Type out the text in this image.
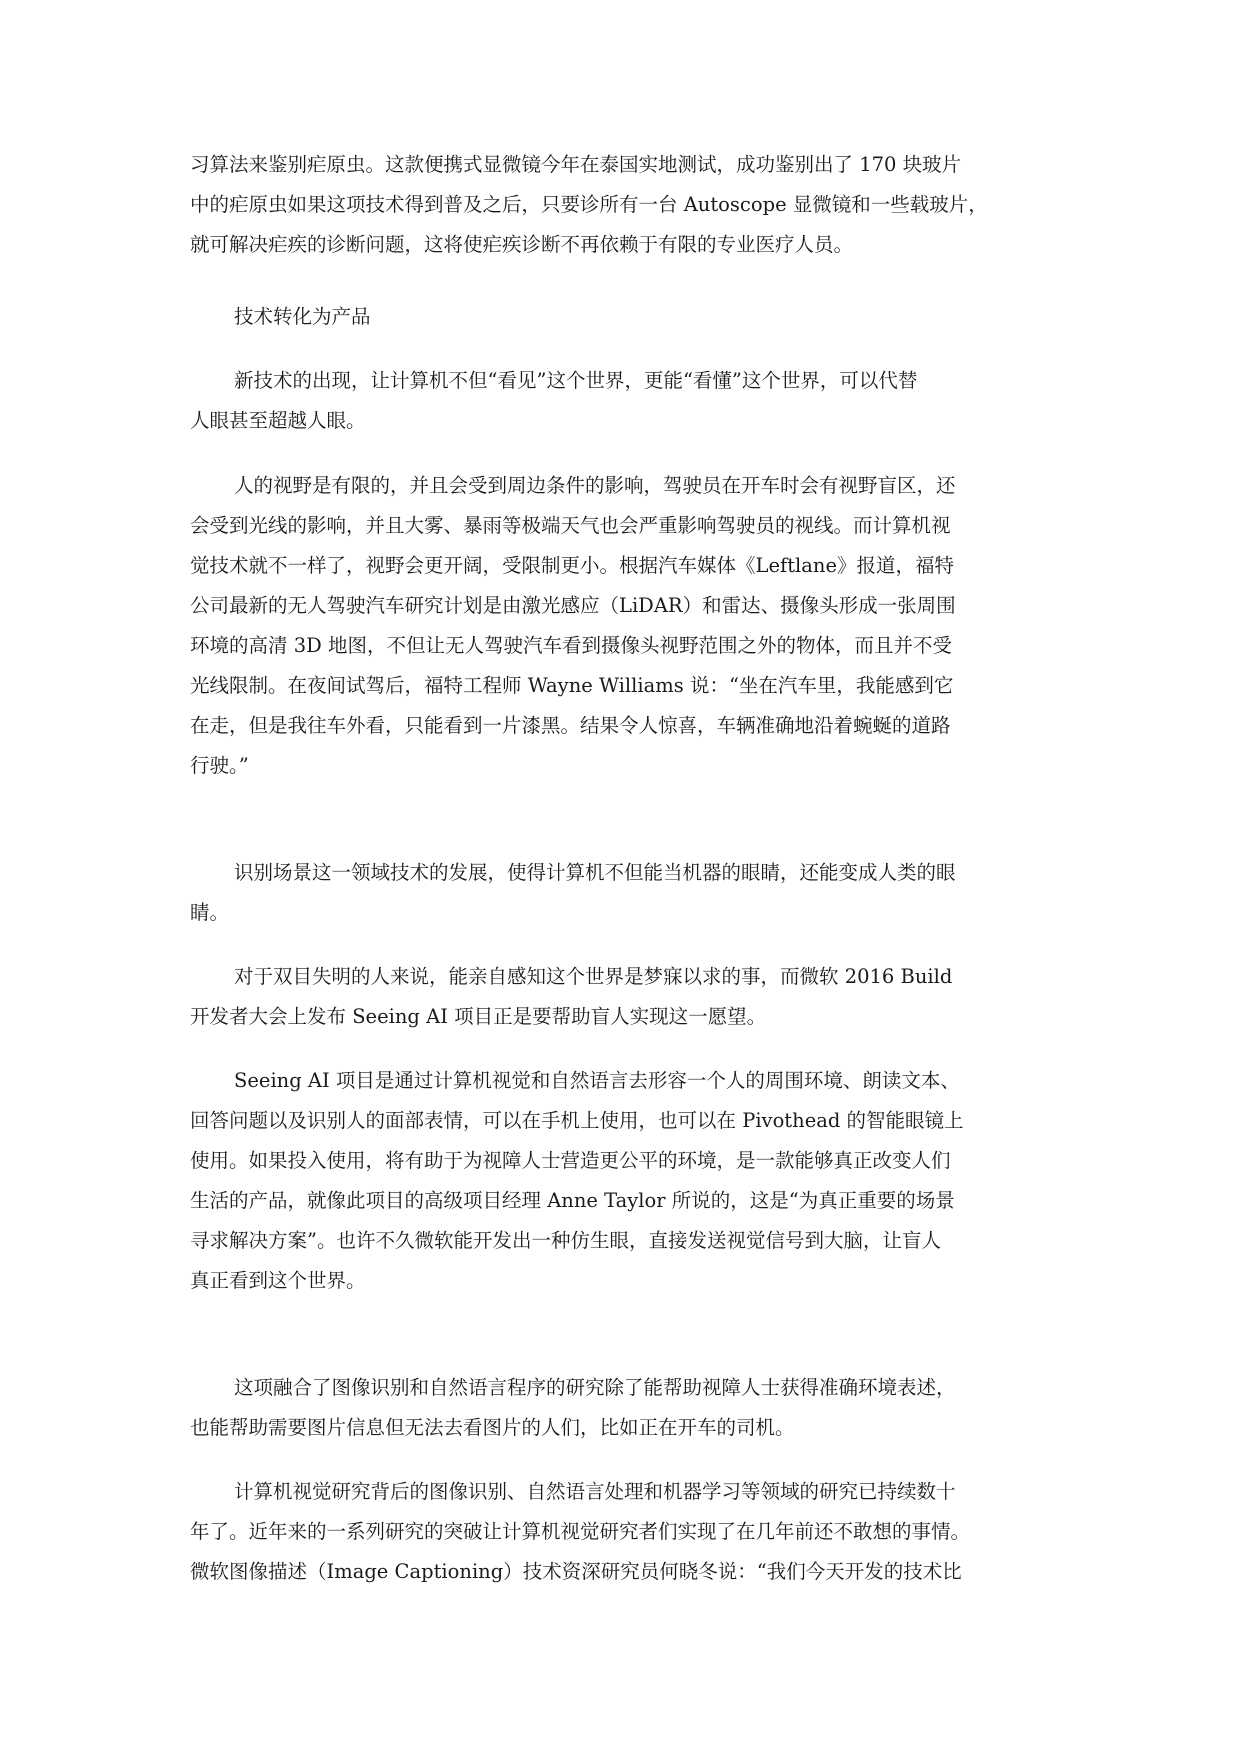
习算法来鉴别疟原虫。这款便携式显微镜今年在泰国实地测试，成功鉴别出了 170 块玻片
中的疟原虫如果这项技术得到普及之后，只要诊所有一台 Autoscope 显微镜和一些载玻片，
就可解决疟疾的诊断问题，这将使疟疾诊断不再依赖于有限的专业医疗人员。
技术转化为产品
新技术的出现，让计算机不但“看见”这个世界，更能“看懂”这个世界，可以代替
人眼甚至超越人眼。
人的视野是有限的，并且会受到周边条件的影响，驾驶员在开车时会有视野盲区，还
会受到光线的影响，并且大雾、暴雨等极端天气也会严重影响驾驶员的视线。而计算机视
觉技术就不一样了，视野会更开阔，受限制更小。根据汽车媒体《Leftlane》报道，福特
公司最新的无人驾驶汽车研究计划是由激光感应（LiDAR）和雷达、摄像头形成一张周围
环境的高清 3D 地图，不但让无人驾驶汽车看到摄像头视野范围之外的物体，而且并不受
光线限制。在夜间试驾后，福特工程师 Wayne Williams 说：“坐在汽车里，我能感到它
在走，但是我往车外看，只能看到一片漆黑。结果令人惊喜，车辆准确地沿着蜿蜒的道路
行驶。”
识别场景这一领域技术的发展，使得计算机不但能当机器的眼睛，还能变成人类的眼
睛。
对于双目失明的人来说，能亲自感知这个世界是梦寐以求的事，而微软 2016 Build
开发者大会上发布 Seeing AI 项目正是要帮助盲人实现这一愿望。
Seeing AI 项目是通过计算机视觉和自然语言去形容一个人的周围环境、朗读文本、
回答问题以及识别人的面部表情，可以在手机上使用，也可以在 Pivothead 的智能眼镜上
使用。如果投入使用，将有助于为视障人士营造更公平的环境，是一款能够真正改变人们
生活的产品，就像此项目的高级项目经理 Anne Taylor 所说的，这是“为真正重要的场景
寻求解决方案”。也许不久微软能开发出一种仿生眼，直接发送视觉信号到大脑，让盲人
真正看到这个世界。
这项融合了图像识别和自然语言程序的研究除了能帮助视障人士获得准确环境表述，
也能帮助需要图片信息但无法去看图片的人们，比如正在开车的司机。
计算机视觉研究背后的图像识别、自然语言处理和机器学习等领域的研究已持续数十
年了。近年来的一系列研究的突破让计算机视觉研究者们实现了在几年前还不敢想的事情。
微软图像描述（Image Captioning）技术资深研究员何晓冬说：“我们今天开发的技术比
